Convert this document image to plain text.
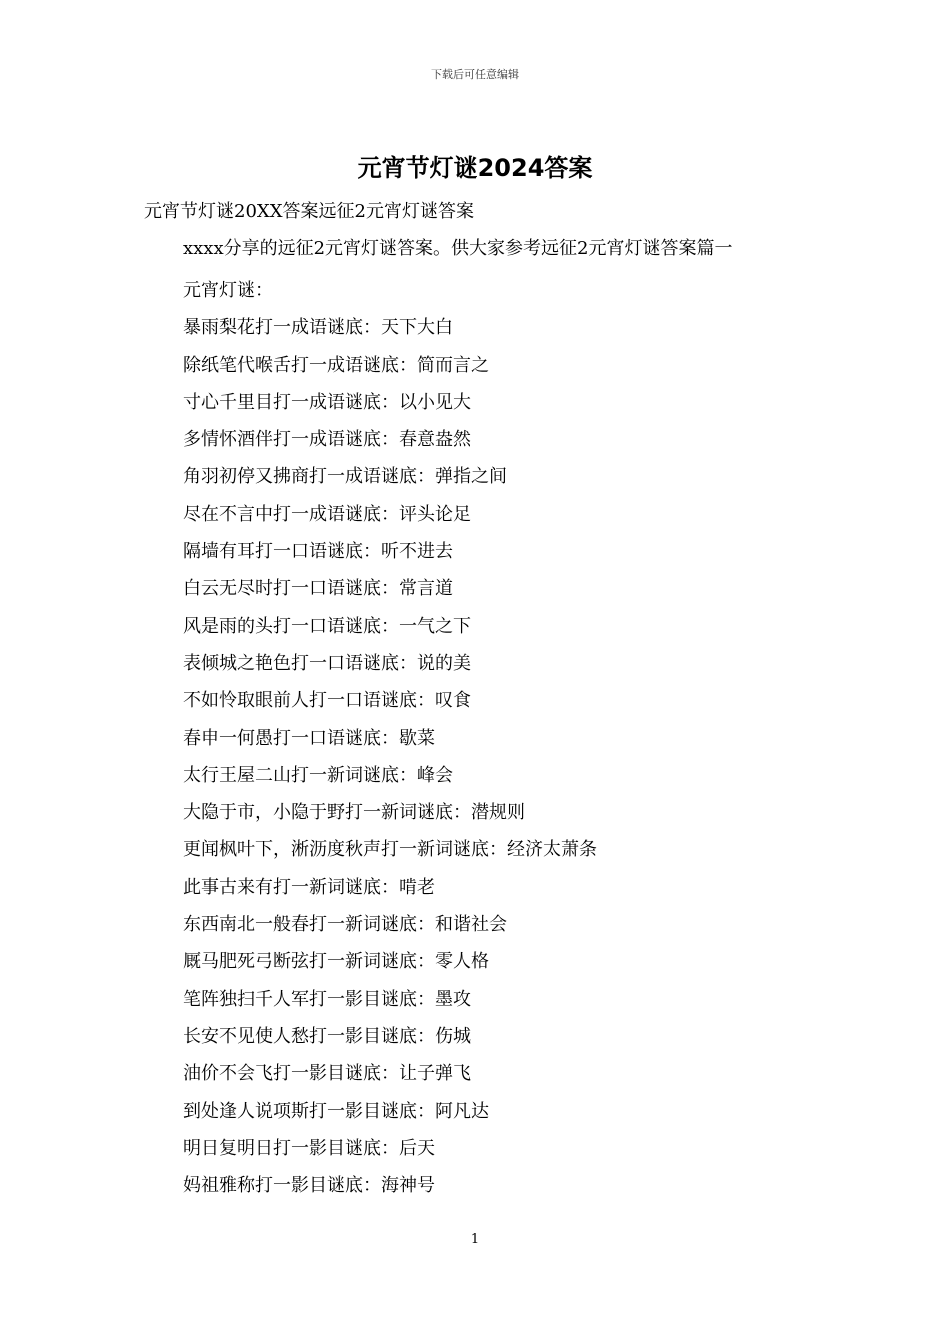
下载后可任意编辑
元宵节灯谜2024答案
元宵节灯谜20XX答案远征2元宵灯谜答案
xxxx分享的远征2元宵灯谜答案。供大家参考远征2元宵灯谜答案篇一
元宵灯谜：
暴雨梨花打一成语谜底：天下大白
除纸笔代喉舌打一成语谜底：简而言之
寸心千里目打一成语谜底：以小见大
多情怀酒伴打一成语谜底：春意盎然
角羽初停又拂商打一成语谜底：弹指之间
尽在不言中打一成语谜底：评头论足
隔墙有耳打一口语谜底：听不进去
白云无尽时打一口语谜底：常言道
风是雨的头打一口语谜底：一气之下
表倾城之艳色打一口语谜底：说的美
不如怜取眼前人打一口语谜底：叹食
春申一何愚打一口语谜底：歇菜
太行王屋二山打一新词谜底：峰会
大隐于市，小隐于野打一新词谜底：潜规则
更闻枫叶下，淅沥度秋声打一新词谜底：经济太萧条
此事古来有打一新词谜底：啃老
东西南北一般春打一新词谜底：和谐社会
厩马肥死弓断弦打一新词谜底：零人格
笔阵独扫千人军打一影目谜底：墨攻
长安不见使人愁打一影目谜底：伤城
油价不会飞打一影目谜底：让子弹飞
到处逢人说项斯打一影目谜底：阿凡达
明日复明日打一影目谜底：后天
妈祖雅称打一影目谜底：海神号
1
